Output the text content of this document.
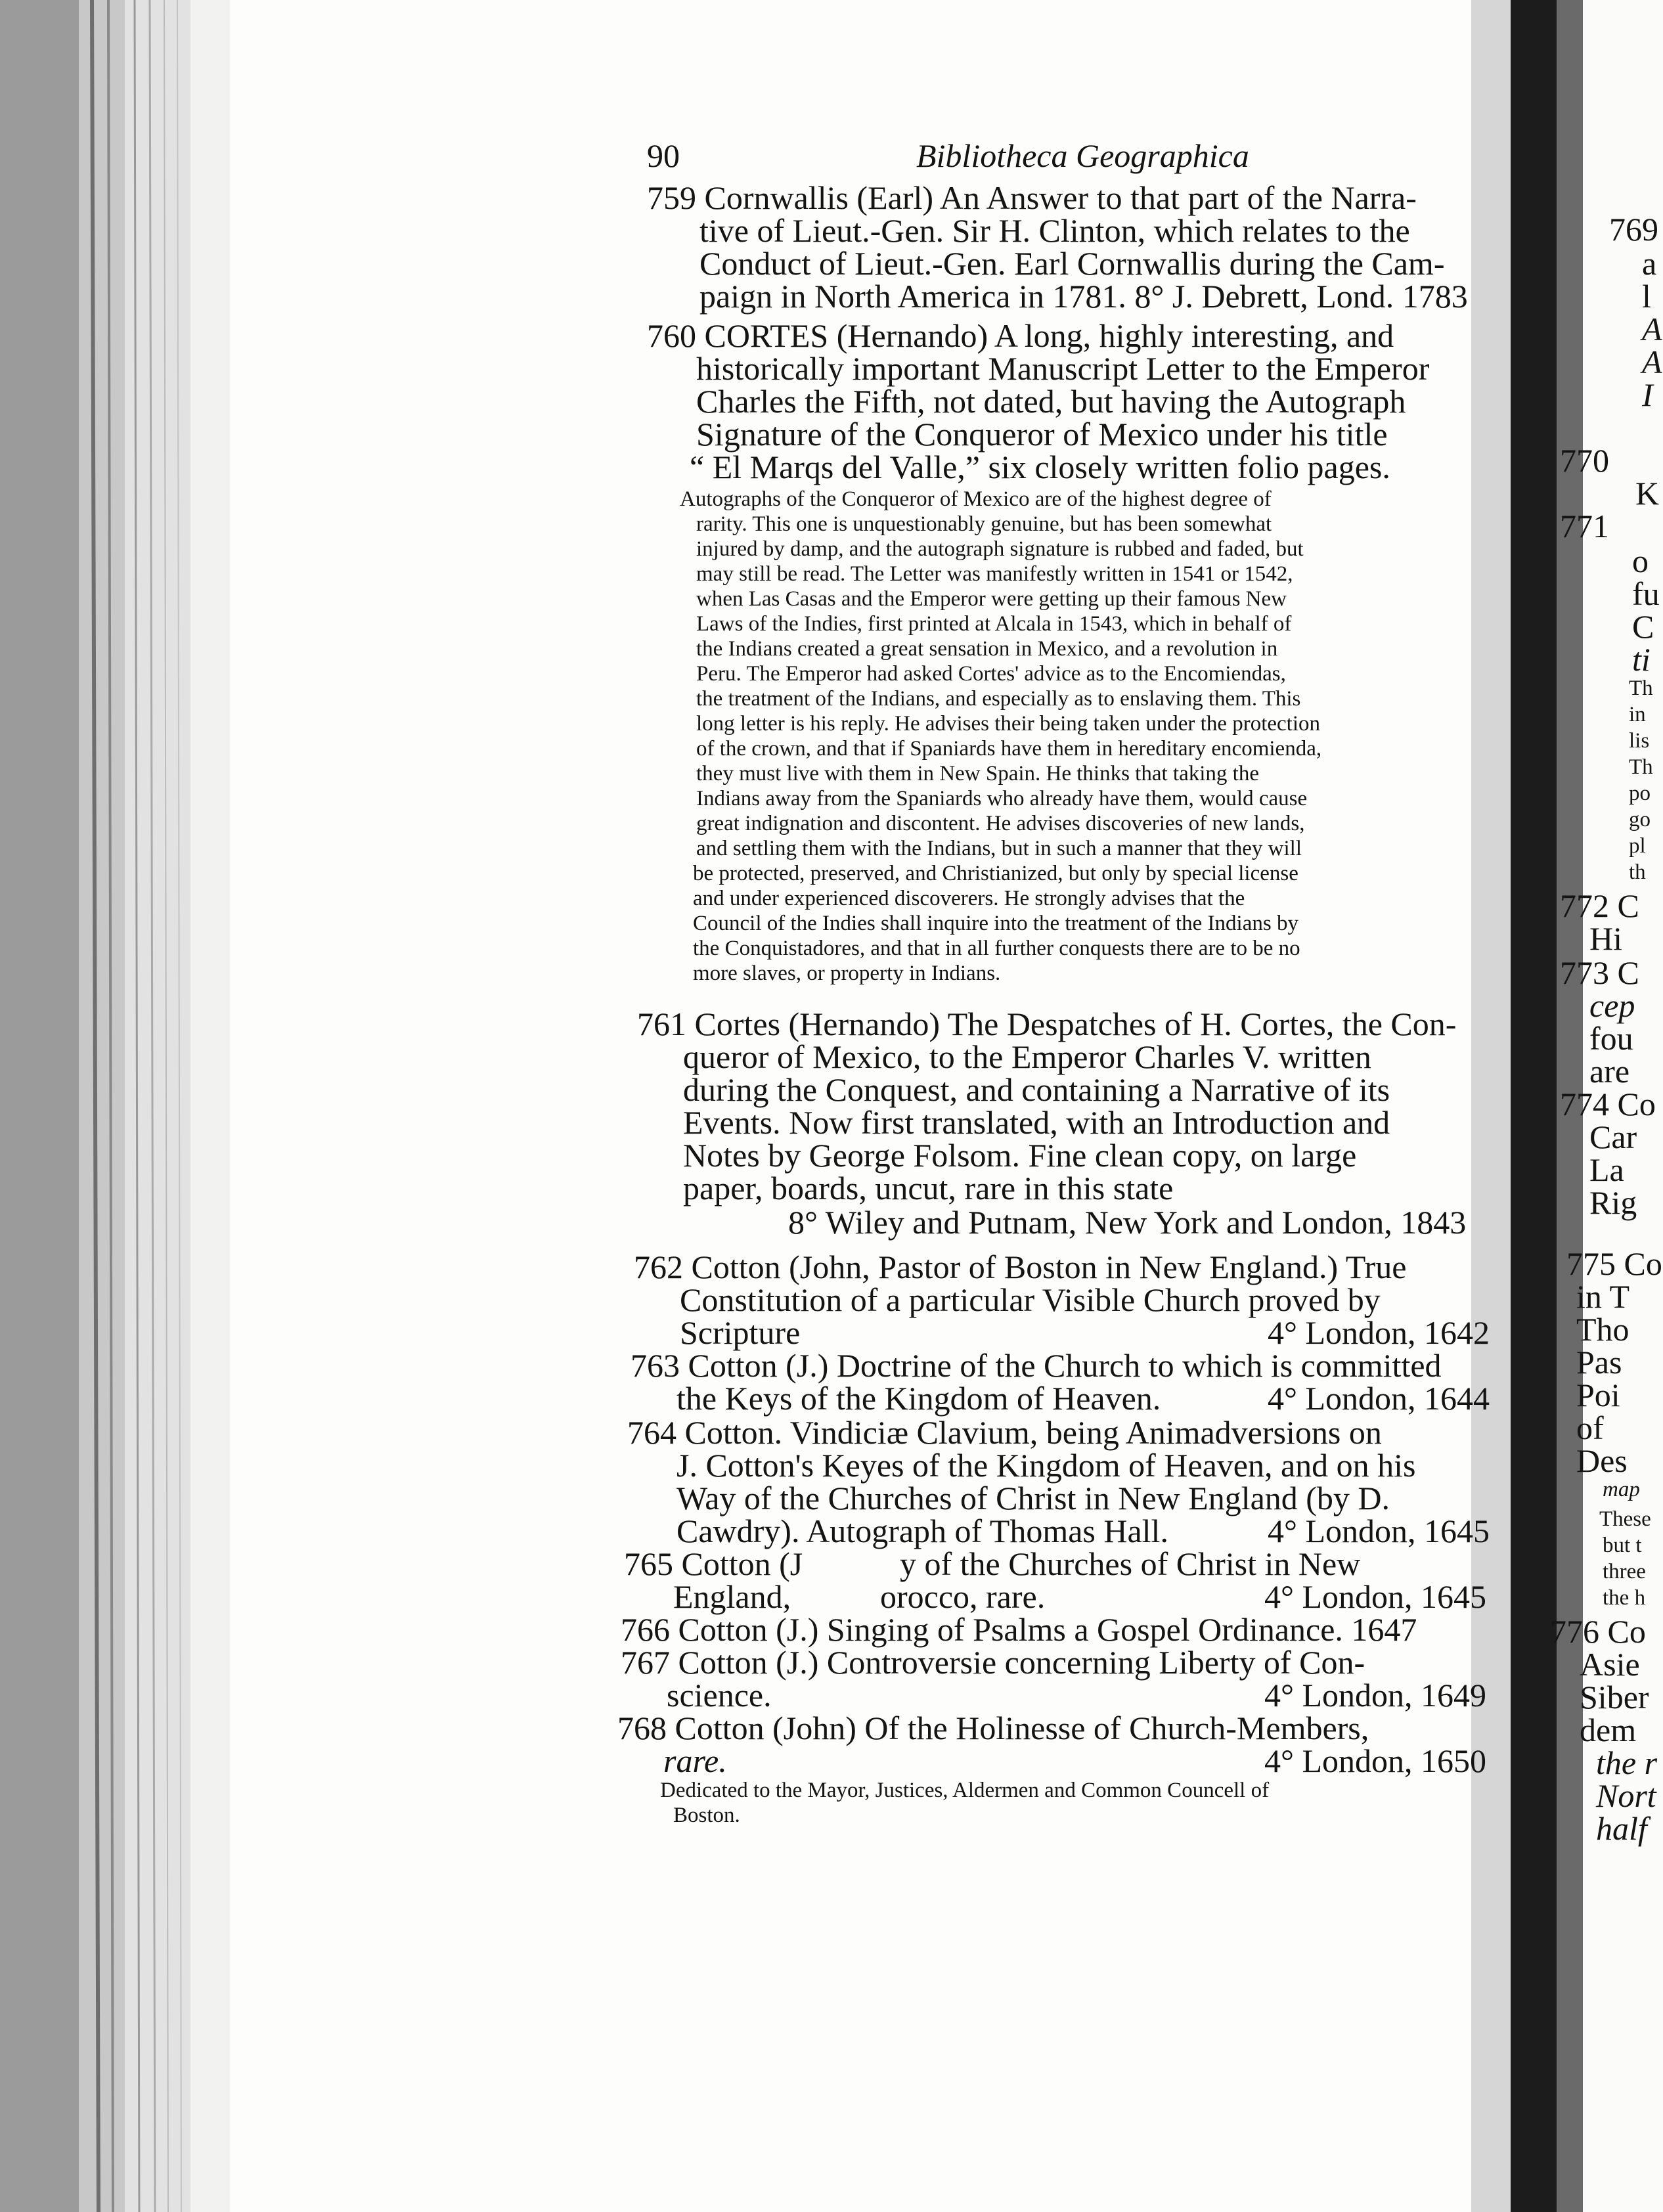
90	Bibliotheca Geographica
759 Cornwallis (Earl) An Answer to that part of the Narra-
tive of Lieut.-Gen. Sir H. Clinton, which relates to the
Conduct of Lieut.-Gen. Earl Cornwallis during the Cam-
paign in North America in 1781. 8° J. Debrett, Lond. 1783
760 CORTES (Hernando) A long, highly interesting, and
historically important Manuscript Letter to the Emperor
Charles the Fifth, not dated, but having the Autograph
Signature of the Conqueror of Mexico under his title
“ El Marqs del Valle,” six closely written folio pages.
Autographs of the Conqueror of Mexico are of the highest degree of
rarity. This one is unquestionably genuine, but has been somewhat
injured by damp, and the autograph signature is rubbed and faded, but
may still be read. The Letter was manifestly written in 1541 or 1542,
when Las Casas and the Emperor were getting up their famous New
Laws of the Indies, first printed at Alcala in 1543, which in behalf of
the Indians created a great sensation in Mexico, and a revolution in
Peru. The Emperor had asked Cortes' advice as to the Encomiendas,
the treatment of the Indians, and especially as to enslaving them. This
long letter is his reply. He advises their being taken under the protection
of the crown, and that if Spaniards have them in hereditary encomienda,
they must live with them in New Spain. He thinks that taking the
Indians away from the Spaniards who already have them, would cause
great indignation and discontent. He advises discoveries of new lands,
and settling them with the Indians, but in such a manner that they will
be protected, preserved, and Christianized, but only by special license
and under experienced discoverers. He strongly advises that the
Council of the Indies shall inquire into the treatment of the Indians by
the Conquistadores, and that in all further conquests there are to be no
more slaves, or property in Indians.
761 Cortes (Hernando) The Despatches of H. Cortes, the Con-
queror of Mexico, to the Emperor Charles V. written
during the Conquest, and containing a Narrative of its
Events. Now first translated, with an Introduction and
Notes by George Folsom. Fine clean copy, on large
paper, boards, uncut, rare in this state
8° Wiley and Putnam, New York and London, 1843
762 Cotton (John, Pastor of Boston in New England.) True
Constitution of a particular Visible Church proved by
Scripture	4° London, 1642
763 Cotton (J.) Doctrine of the Church to which is committed
the Keys of the Kingdom of Heaven.	4° London, 1644
764 Cotton. Vindiciæ Clavium, being Animadversions on
J. Cotton's Keyes of the Kingdom of Heaven, and on his
Way of the Churches of Christ in New England (by D.
Cawdry). Autograph of Thomas Hall.	4° London, 1645
765 Cotton (J	y of the Churches of Christ in New
England,	orocco, rare.	4° London, 1645
766 Cotton (J.) Singing of Psalms a Gospel Ordinance. 1647
767 Cotton (J.) Controversie concerning Liberty of Con-
science.	4° London, 1649
768 Cotton (John) Of the Holinesse of Church-Members,
rare.	4° London, 1650
Dedicated to the Mayor, Justices, Aldermen and Common Councell of
Boston.
769
a
l
A
A
I
770
K
771
o
fu
C
ti
Th
in
lis
Th
po
go
pl
th
772 C
Hi
773 C
cep
fou
are
774 Co
Car
La
Rig
775 Co
in T
Tho
Pas
Poi
of
Des
map
These
but t
three
the h
776 Co
Asie
Siber
dem
the r
Nort
half
